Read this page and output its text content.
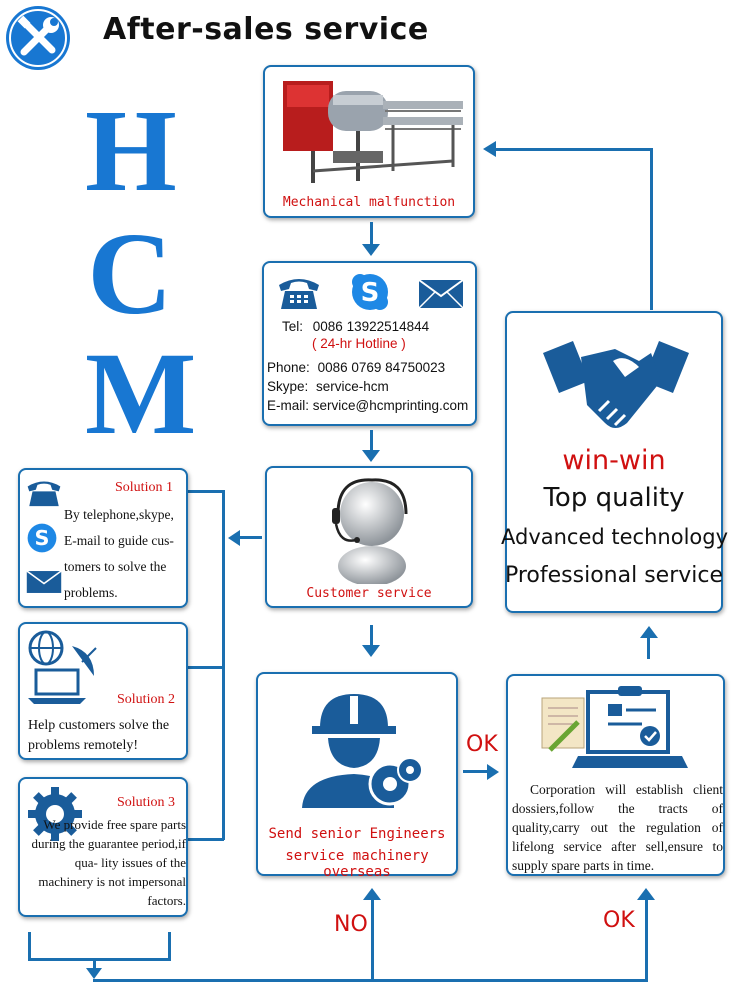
After-sales service
H
C
M
Mechanical malfunction
S
Tel: 0086 13922514844
( 24-hr Hotline )
Phone: 0086 0769 84750023
Skype: service-hcm
E-mail: service@hcmprinting.com
Customer service
S
Solution 1
By telephone,skype, E-mail to guide cus- tomers to solve the problems.
Solution 2
Help customers solve the problems remotely!
Solution 3
We provide free spare parts during the guarantee period,if qua- lity issues of the machinery is not impersonal factors.
Send senior Engineers
service machinery overseas
OK
Corporation will establish client dossiers,follow the tracts of quality,carry out the regulation of lifelong service after sell,ensure to supply spare parts in time.
win-win
Top quality
Advanced technology
Professional service
NO	OK
